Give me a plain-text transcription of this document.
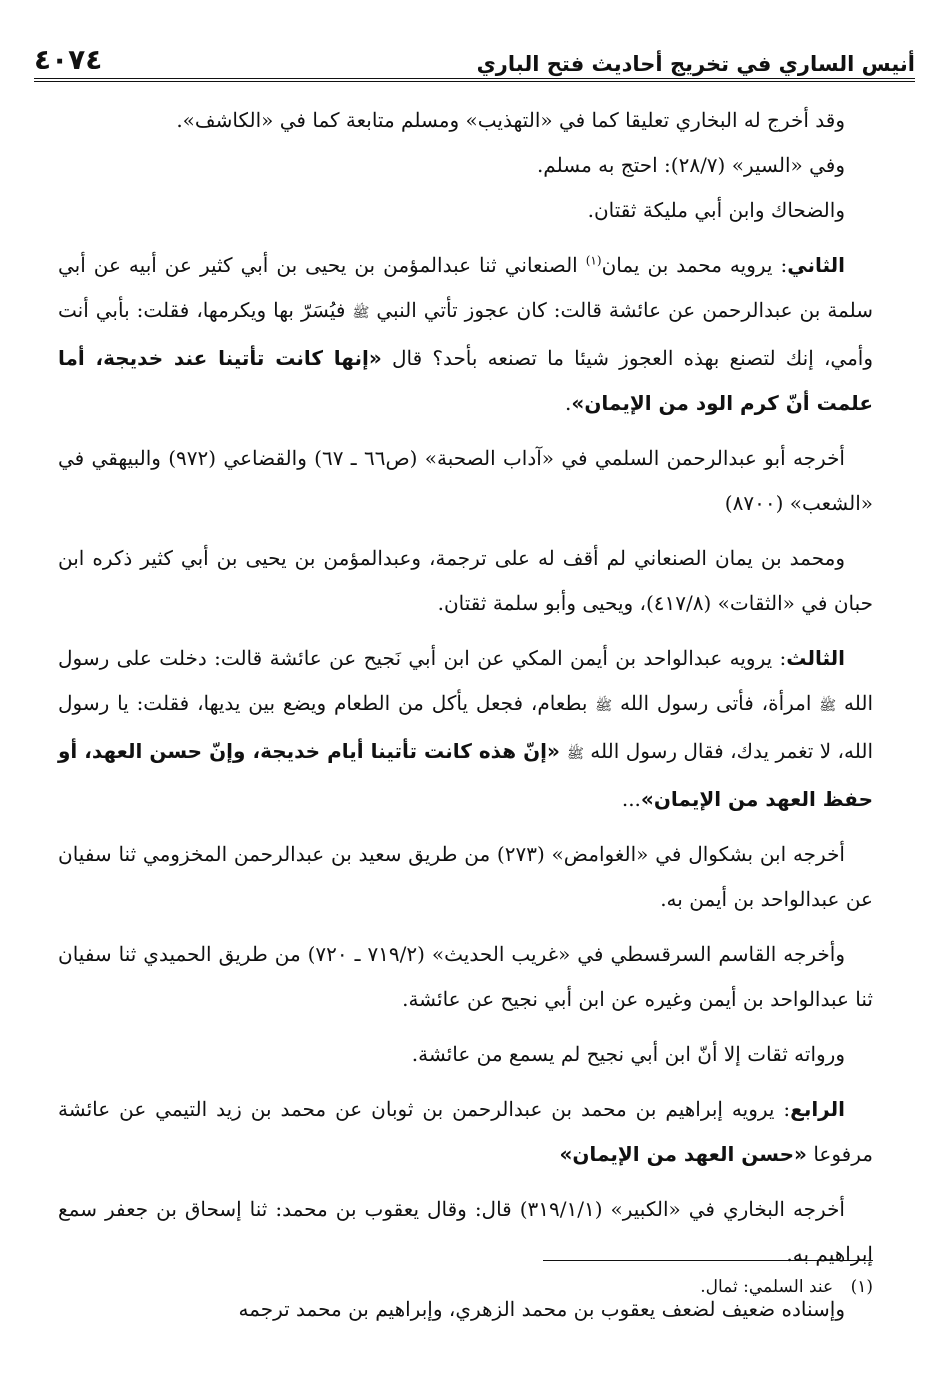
أنيس الساري في تخريج أحاديث فتح الباري
٤٠٧٤

وقد أخرج له البخاري تعليقا كما في «التهذيب» ومسلم متابعة كما في «الكاشف».

وفي «السير» (٢٨/٧): احتج به مسلم.

والضحاك وابن أبي مليكة ثقتان.

الثاني: يرويه محمد بن يمان$^{(١)}$ الصنعاني ثنا عبدالمؤمن بن يحيى بن أبي كثير عن أبيه عن أبي سلمة بن عبدالرحمن عن عائشة قالت: كان عجوز تأتي النبي ﷺ فيُسَرّ بها ويكرمها، فقلت: بأبي أنت وأمي، إنك لتصنع بهذه العجوز شيئا ما تصنعه بأحد؟ قال «إنها كانت تأتينا عند خديجة، أما علمت أنّ كرم الود من الإيمان».

أخرجه أبو عبدالرحمن السلمي في «آداب الصحبة» (ص٦٦ ـ ٦٧) والقضاعي (٩٧٢) والبيهقي في «الشعب» (٨٧٠٠)

ومحمد بن يمان الصنعاني لم أقف له على ترجمة، وعبدالمؤمن بن يحيى بن أبي كثير ذكره ابن حبان في «الثقات» (٤١٧/٨)، ويحيى وأبو سلمة ثقتان.

الثالث: يرويه عبدالواحد بن أيمن المكي عن ابن أبي نَجيح عن عائشة قالت: دخلت على رسول الله ﷺ امرأة، فأتى رسول الله ﷺ بطعام، فجعل يأكل من الطعام ويضع بين يديها، فقلت: يا رسول الله، لا تغمر يدك، فقال رسول الله ﷺ «إنّ هذه كانت تأتينا أيام خديجة، وإنّ حسن العهد، أو حفظ العهد من الإيمان»...

أخرجه ابن بشكوال في «الغوامض» (٢٧٣) من طريق سعيد بن عبدالرحمن المخزومي ثنا سفيان عن عبدالواحد بن أيمن به.

وأخرجه القاسم السرقسطي في «غريب الحديث» (٧١٩/٢ ـ ٧٢٠) من طريق الحميدي ثنا سفيان ثنا عبدالواحد بن أيمن وغيره عن ابن أبي نجيح عن عائشة.

ورواته ثقات إلا أنّ ابن أبي نجيح لم يسمع من عائشة.

الرابع: يرويه إبراهيم بن محمد بن عبدالرحمن بن ثوبان عن محمد بن زيد التيمي عن عائشة مرفوعا «حسن العهد من الإيمان»

أخرجه البخاري في «الكبير» (٣١٩/١/١) قال: وقال يعقوب بن محمد: ثنا إسحاق بن جعفر سمع إبراهيم به.

وإسناده ضعيف لضعف يعقوب بن محمد الزهري، وإبراهيم بن محمد ترجمه

(١) عند السلمي: ثمال.
